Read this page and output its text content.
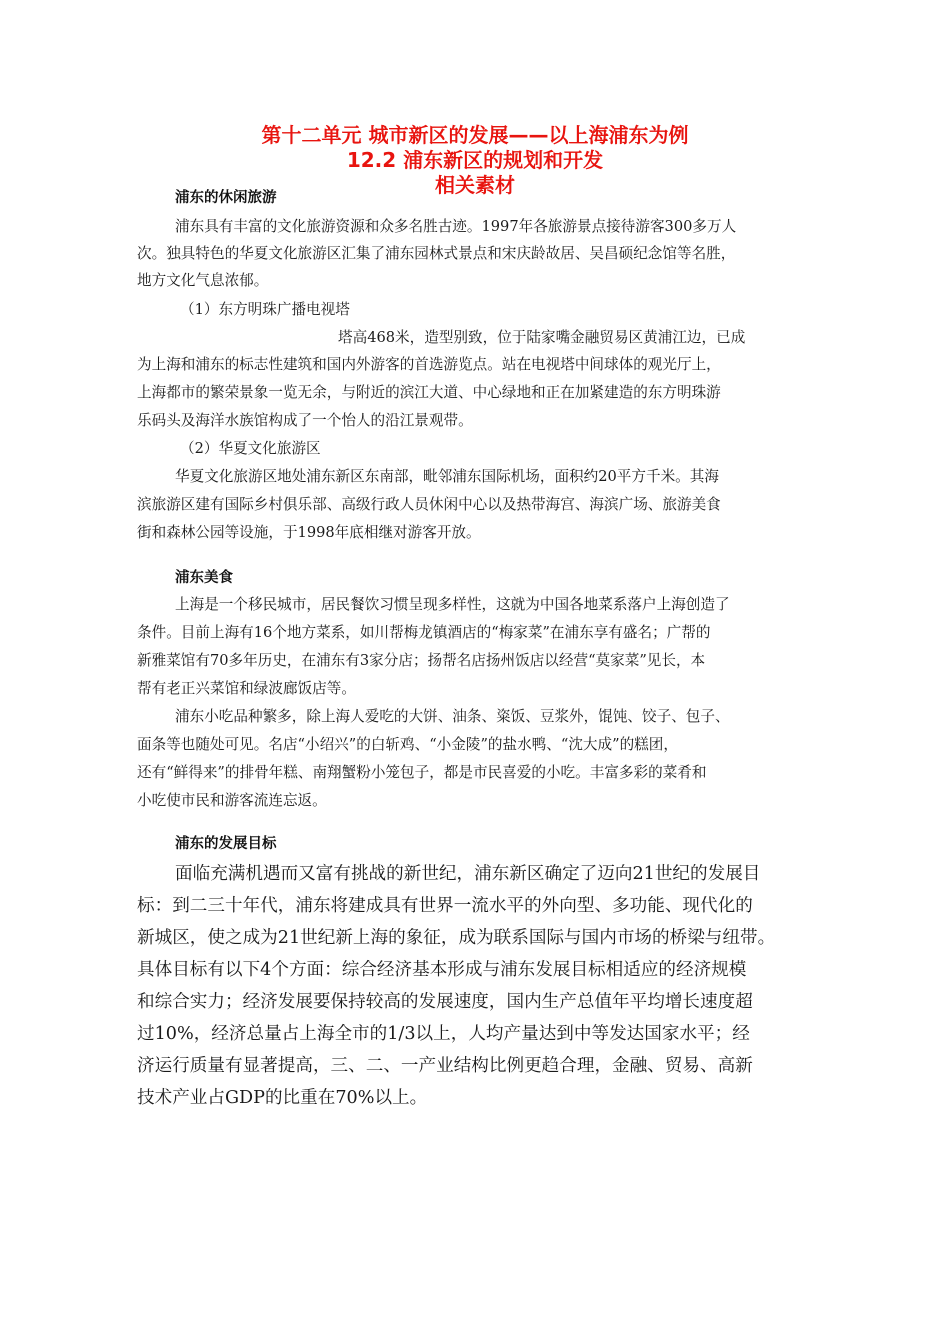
第十二单元 城市新区的发展——以上海浦东为例
12.2 浦东新区的规划和开发
相关素材
浦东的休闲旅游
浦东具有丰富的文化旅游资源和众多名胜古迹。1997年各旅游景点接待游客300多万人
次。独具特色的华夏文化旅游区汇集了浦东园林式景点和宋庆龄故居、吴昌硕纪念馆等名胜，
地方文化气息浓郁。
（1）东方明珠广播电视塔
塔高468米，造型别致，位于陆家嘴金融贸易区黄浦江边，已成
为上海和浦东的标志性建筑和国内外游客的首选游览点。站在电视塔中间球体的观光厅上，
上海都市的繁荣景象一览无余，与附近的滨江大道、中心绿地和正在加紧建造的东方明珠游
乐码头及海洋水族馆构成了一个怡人的沿江景观带。
（2）华夏文化旅游区
华夏文化旅游区地处浦东新区东南部，毗邻浦东国际机场，面积约20平方千米。其海
滨旅游区建有国际乡村俱乐部、高级行政人员休闲中心以及热带海宫、海滨广场、旅游美食
街和森林公园等设施，于1998年底相继对游客开放。
浦东美食
上海是一个移民城市，居民餐饮习惯呈现多样性，这就为中国各地菜系落户上海创造了
条件。目前上海有16个地方菜系，如川帮梅龙镇酒店的“梅家菜”在浦东享有盛名；广帮的
新雅菜馆有70多年历史，在浦东有3家分店；扬帮名店扬州饭店以经营“莫家菜”见长，本
帮有老正兴菜馆和绿波廊饭店等。
浦东小吃品种繁多，除上海人爱吃的大饼、油条、粢饭、豆浆外，馄饨、饺子、包子、
面条等也随处可见。名店“小绍兴”的白斩鸡、“小金陵”的盐水鸭、“沈大成”的糕团，
还有“鲜得来”的排骨年糕、南翔蟹粉小笼包子，都是市民喜爱的小吃。丰富多彩的菜肴和
小吃使市民和游客流连忘返。
浦东的发展目标
面临充满机遇而又富有挑战的新世纪，浦东新区确定了迈向21世纪的发展目
标：到二三十年代，浦东将建成具有世界一流水平的外向型、多功能、现代化的
新城区，使之成为21世纪新上海的象征，成为联系国际与国内市场的桥梁与纽带。
具体目标有以下4个方面：综合经济基本形成与浦东发展目标相适应的经济规模
和综合实力；经济发展要保持较高的发展速度，国内生产总值年平均增长速度超
过10%，经济总量占上海全市的1/3以上，人均产量达到中等发达国家水平；经
济运行质量有显著提高，三、二、一产业结构比例更趋合理，金融、贸易、高新
技术产业占GDP的比重在70%以上。
